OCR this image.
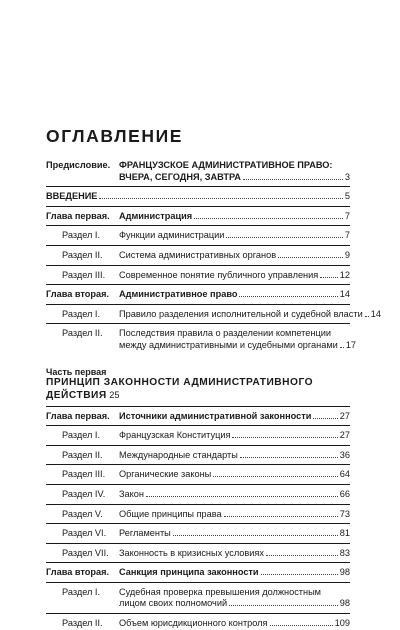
ОГЛАВЛЕНИЕ
Предисловие. ФРАНЦУЗСКОЕ АДМИНИСТРАТИВНОЕ ПРАВО:
ВЧЕРА, СЕГОДНЯ, ЗАВТРА	3
ВВЕДЕНИЕ	5
Глава первая. Администрация	7
Раздел I. Функции администрации	7
Раздел II. Система административных органов	9
Раздел III. Современное понятие публичного управления 12
Глава вторая. Административное право	14
Раздел I. Правило разделения исполнительной и судебной власти 14
Раздел II. Последствия правила о разделении компетенции
между административными и судебными органами 17
Часть первая
ПРИНЦИП ЗАКОННОСТИ АДМИНИСТРАТИВНОГО
ДЕЙСТВИЯ 25
Глава первая. Источники административной законности	27
Раздел I. Французская Конституция	27
Раздел II. Международные стандарты	36
Раздел III. Органические законы	64
Раздел IV. Закон	66
Раздел V. Общие принципы права	73
Раздел VI. Регламенты	81
Раздел VII. Законность в кризисных условиях	83
Глава вторая. Санкция принципа законности	98
Раздел I. Судебная проверка превышения должностным
лицом своих полномочий	98
Раздел II. Объем юрисдикционного контроля	109
